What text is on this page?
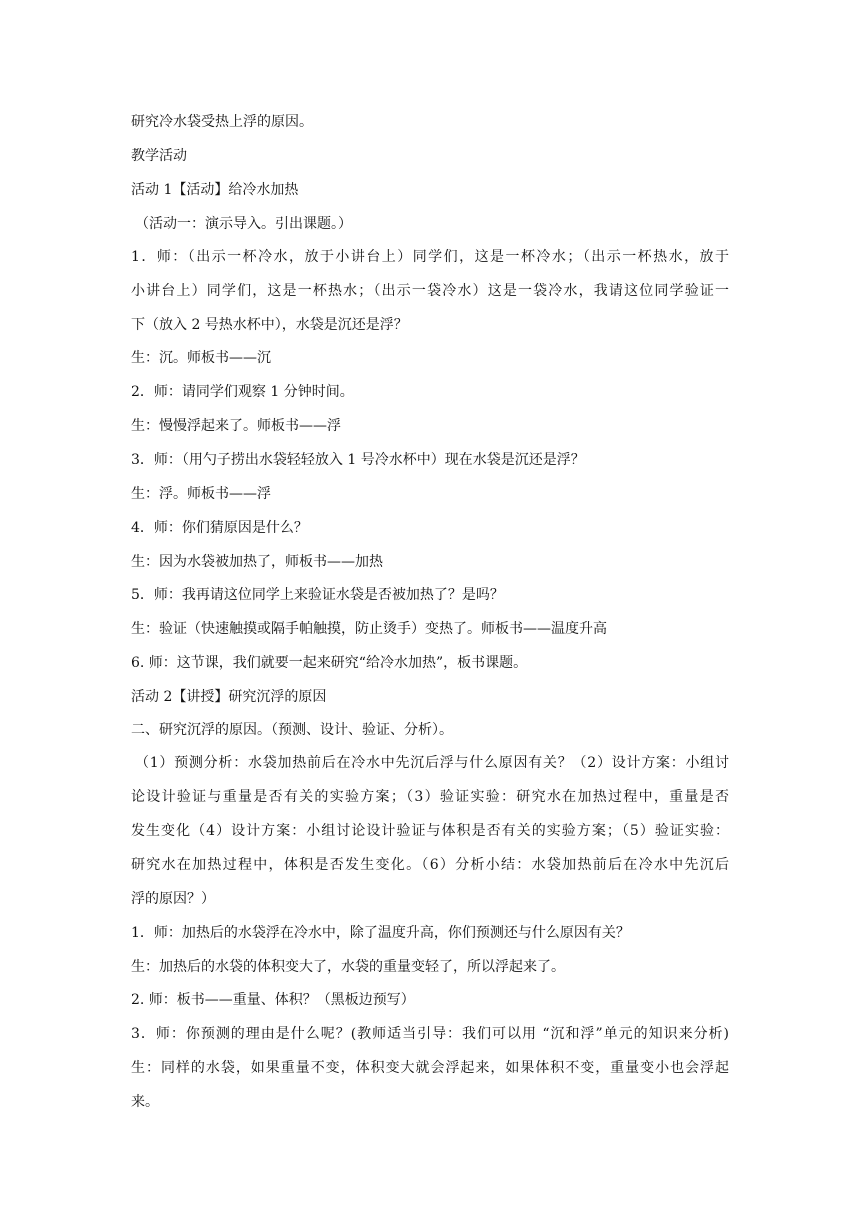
研究冷水袋受热上浮的原因。
教学活动
活动 1【活动】给冷水加热
（活动一：演示导入。引出课题。）
1．师：（出示一杯冷水，放于小讲台上）同学们，这是一杯冷水；（出示一杯热水，放于
小讲台上）同学们，这是一杯热水；（出示一袋冷水）这是一袋冷水，我请这位同学验证一
下（放入 2 号热水杯中），水袋是沉还是浮？
生：沉。师板书——沉
2．师：请同学们观察 1 分钟时间。
生：慢慢浮起来了。师板书——浮
3．师：（用勺子捞出水袋轻轻放入 1 号冷水杯中）现在水袋是沉还是浮？
生：浮。师板书——浮
4．师：你们猜原因是什么？
生：因为水袋被加热了，师板书——加热
5．师：我再请这位同学上来验证水袋是否被加热了？是吗？
生：验证（快速触摸或隔手帕触摸，防止烫手）变热了。师板书——温度升高
6. 师：这节课，我们就要一起来研究“给冷水加热”，板书课题。
活动 2【讲授】研究沉浮的原因
二、研究沉浮的原因。（预测、设计、验证、分析）。
（1）预测分析：水袋加热前后在冷水中先沉后浮与什么原因有关？（2）设计方案：小组讨
论设计验证与重量是否有关的实验方案；（3）验证实验：研究水在加热过程中，重量是否
发生变化（4）设计方案：小组讨论设计验证与体积是否有关的实验方案；（5）验证实验：
研究水在加热过程中，体积是否发生变化。（6）分析小结：水袋加热前后在冷水中先沉后
浮的原因？）
1．师：加热后的水袋浮在冷水中，除了温度升高，你们预测还与什么原因有关？
生：加热后的水袋的体积变大了，水袋的重量变轻了，所以浮起来了。
2. 师：板书——重量、体积？（黑板边预写）
3．师：你预测的理由是什么呢？(教师适当引导：我们可以用 “沉和浮”单元的知识来分析)
生：同样的水袋，如果重量不变，体积变大就会浮起来，如果体积不变，重量变小也会浮起
来。
